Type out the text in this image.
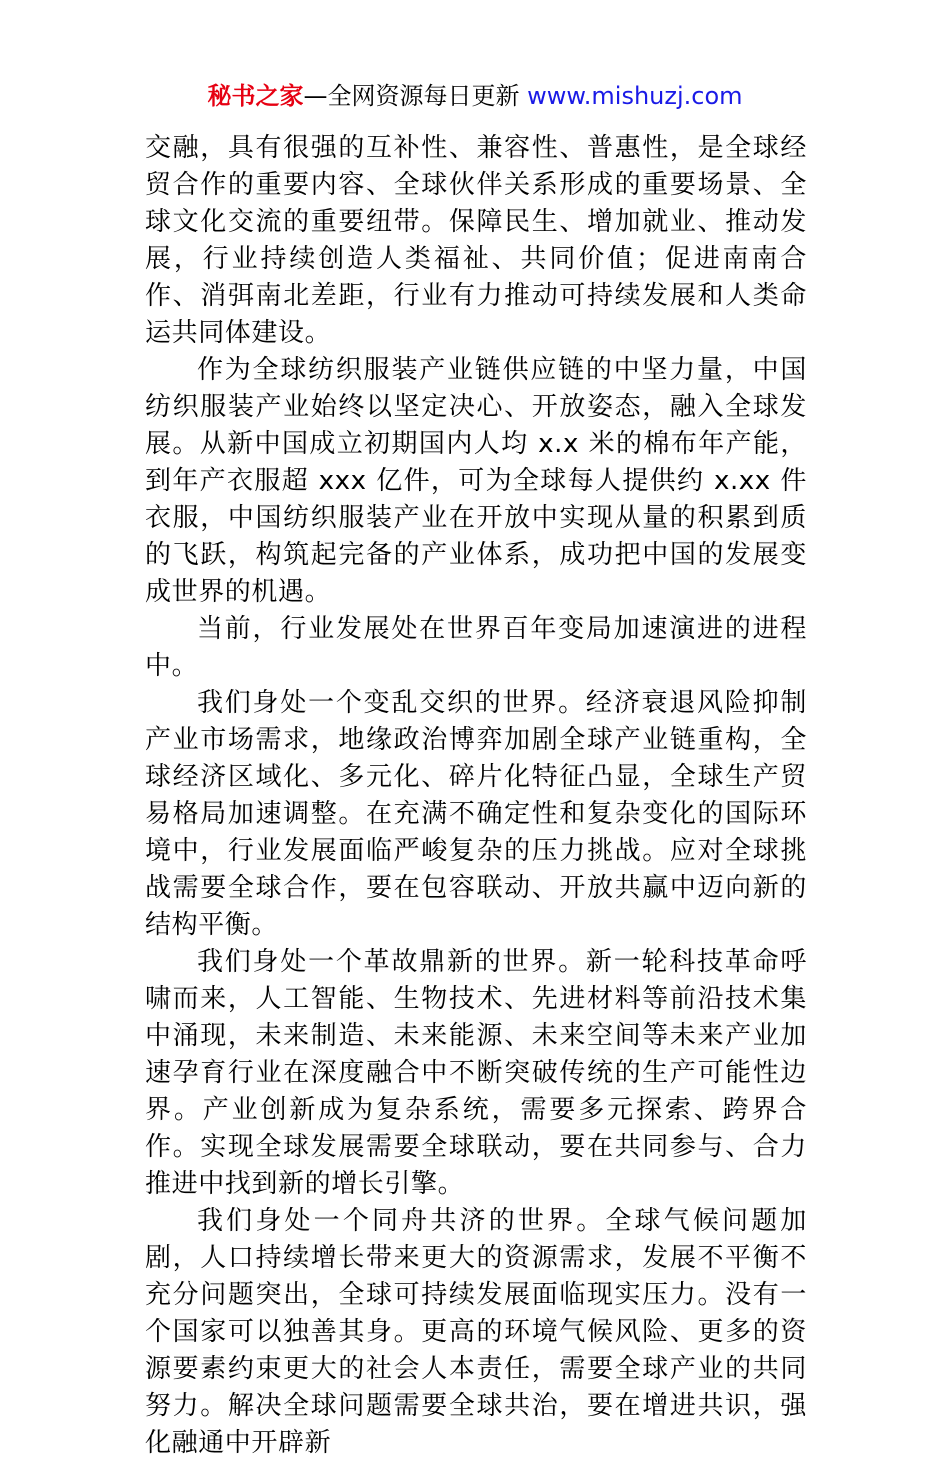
秘书之家—全网资源每日更新 www.mishuzj.com

交融，具有很强的互补性、兼容性、普惠性，是全球经贸合作的重要内容、全球伙伴关系形成的重要场景、全球文化交流的重要纽带。保障民生、增加就业、推动发展，行业持续创造人类福祉、共同价值；促进南南合作、消弭南北差距，行业有力推动可持续发展和人类命运共同体建设。

作为全球纺织服装产业链供应链的中坚力量，中国纺织服装产业始终以坚定决心、开放姿态，融入全球发展。从新中国成立初期国内人均 x.x 米的棉布年产能，到年产衣服超 xxx 亿件，可为全球每人提供约 x.xx 件衣服，中国纺织服装产业在开放中实现从量的积累到质的飞跃，构筑起完备的产业体系，成功把中国的发展变成世界的机遇。

当前，行业发展处在世界百年变局加速演进的进程中。

我们身处一个变乱交织的世界。经济衰退风险抑制产业市场需求，地缘政治博弈加剧全球产业链重构，全球经济区域化、多元化、碎片化特征凸显，全球生产贸易格局加速调整。在充满不确定性和复杂变化的国际环境中，行业发展面临严峻复杂的压力挑战。应对全球挑战需要全球合作，要在包容联动、开放共赢中迈向新的结构平衡。

我们身处一个革故鼎新的世界。新一轮科技革命呼啸而来，人工智能、生物技术、先进材料等前沿技术集中涌现，未来制造、未来能源、未来空间等未来产业加速孕育行业在深度融合中不断突破传统的生产可能性边界。产业创新成为复杂系统，需要多元探索、跨界合作。实现全球发展需要全球联动，要在共同参与、合力推进中找到新的增长引擎。

我们身处一个同舟共济的世界。全球气候问题加剧，人口持续增长带来更大的资源需求，发展不平衡不充分问题突出，全球可持续发展面临现实压力。没有一个国家可以独善其身。更高的环境气候风险、更多的资源要素约束更大的社会人本责任，需要全球产业的共同努力。解决全球问题需要全球共治，要在增进共识，强化融通中开辟新
